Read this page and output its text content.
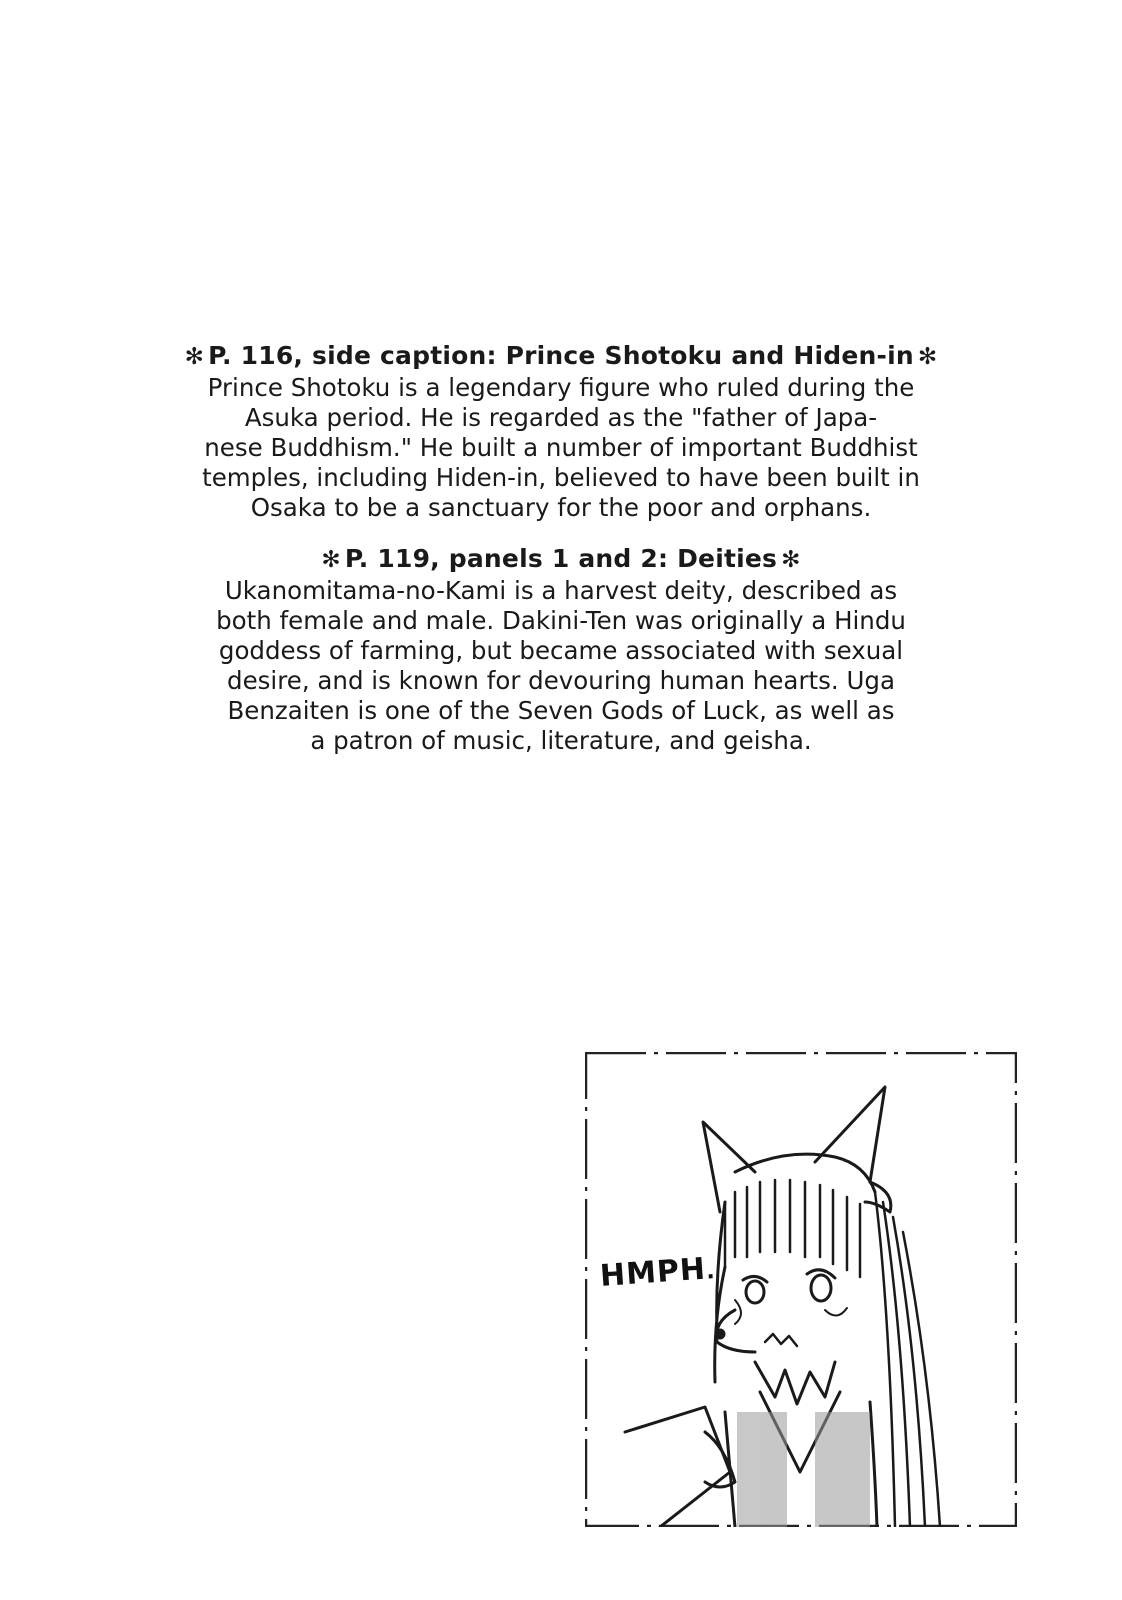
✻ P. 116, side caption: Prince Shotoku and Hiden-in ✻
Prince Shotoku is a legendary figure who ruled during the
Asuka period. He is regarded as the "father of Japa-
nese Buddhism." He built a number of important Buddhist
temples, including Hiden-in, believed to have been built in
Osaka to be a sanctuary for the poor and orphans.
✻ P. 119, panels 1 and 2: Deities ✻
Ukanomitama-no-Kami is a harvest deity, described as
both female and male. Dakini-Ten was originally a Hindu
goddess of farming, but became associated with sexual
desire, and is known for devouring human hearts. Uga
Benzaiten is one of the Seven Gods of Luck, as well as
a patron of music, literature, and geisha.
HMPH.
